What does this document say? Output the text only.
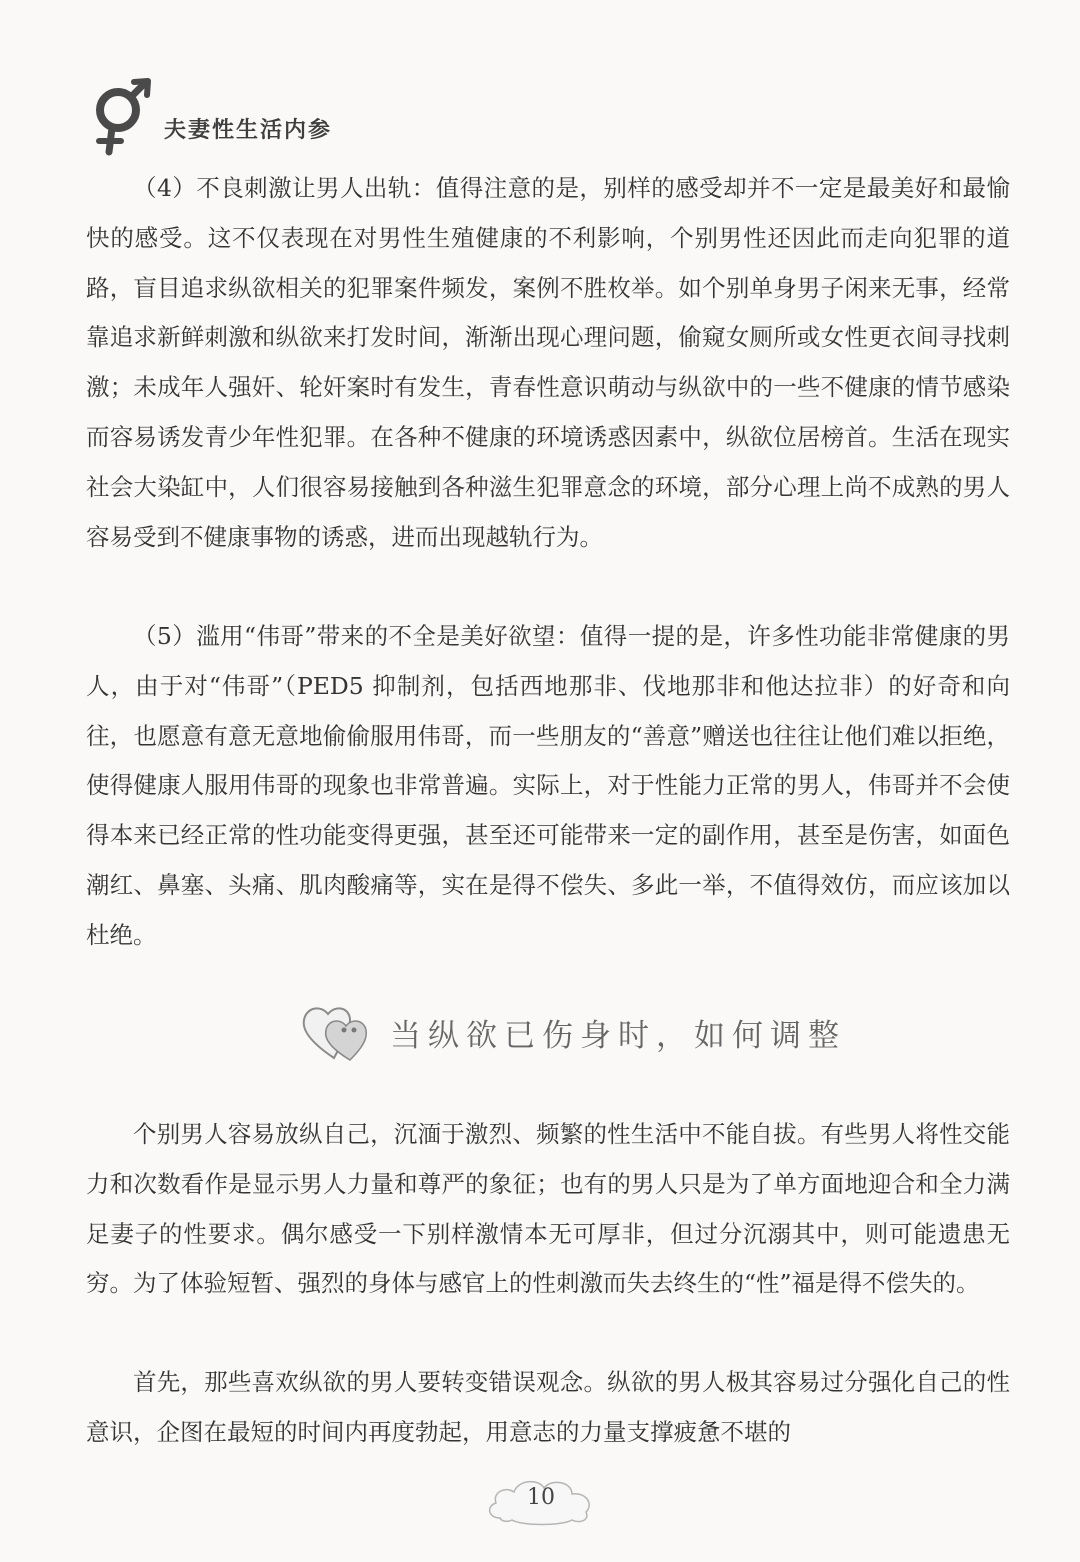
夫妻性生活内参

（4）不良刺激让男人出轨：值得注意的是，别样的感受却并不一定是最美好和最愉快的感受。这不仅表现在对男性生殖健康的不利影响，个别男性还因此而走向犯罪的道路，盲目追求纵欲相关的犯罪案件频发，案例不胜枚举。如个别单身男子闲来无事，经常靠追求新鲜刺激和纵欲来打发时间，渐渐出现心理问题，偷窥女厕所或女性更衣间寻找刺激；未成年人强奸、轮奸案时有发生，青春性意识萌动与纵欲中的一些不健康的情节感染而容易诱发青少年性犯罪。在各种不健康的环境诱惑因素中，纵欲位居榜首。生活在现实社会大染缸中，人们很容易接触到各种滋生犯罪意念的环境，部分心理上尚不成熟的男人容易受到不健康事物的诱惑，进而出现越轨行为。

（5）滥用“伟哥”带来的不全是美好欲望：值得一提的是，许多性功能非常健康的男人，由于对“伟哥”（PED5 抑制剂，包括西地那非、伐地那非和他达拉非）的好奇和向往，也愿意有意无意地偷偷服用伟哥，而一些朋友的“善意”赠送也往往让他们难以拒绝，使得健康人服用伟哥的现象也非常普遍。实际上，对于性能力正常的男人，伟哥并不会使得本来已经正常的性功能变得更强，甚至还可能带来一定的副作用，甚至是伤害，如面色潮红、鼻塞、头痛、肌肉酸痛等，实在是得不偿失、多此一举，不值得效仿，而应该加以杜绝。

当纵欲已伤身时，如何调整

个别男人容易放纵自己，沉湎于激烈、频繁的性生活中不能自拔。有些男人将性交能力和次数看作是显示男人力量和尊严的象征；也有的男人只是为了单方面地迎合和全力满足妻子的性要求。偶尔感受一下别样激情本无可厚非，但过分沉溺其中，则可能遗患无穷。为了体验短暂、强烈的身体与感官上的性刺激而失去终生的“性”福是得不偿失的。

首先，那些喜欢纵欲的男人要转变错误观念。纵欲的男人极其容易过分强化自己的性意识，企图在最短的时间内再度勃起，用意志的力量支撑疲惫不堪的

10
